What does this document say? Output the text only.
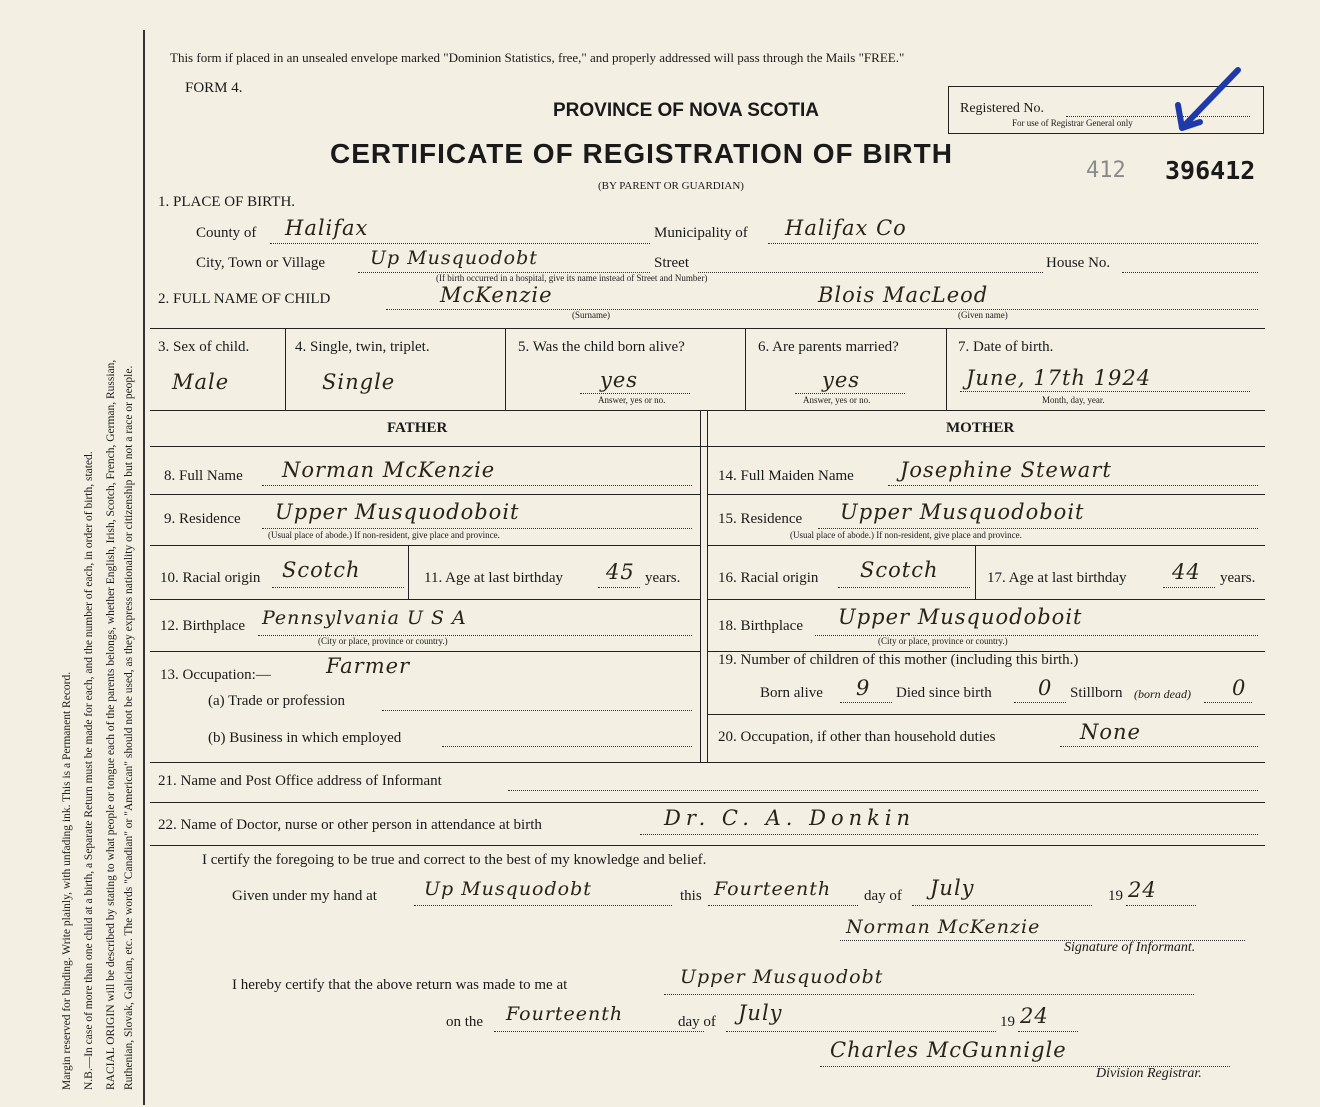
Margin reserved for binding. Write plainly, with unfading ink. This is a Permanent Record. N.B.—In case of more than one child at a birth, a Separate Return must be made for each, and the number of each, in order of birth, stated. RACIAL ORIGIN will be described by stating to what people or tongue each of the parents belongs, whether English, Irish, Scotch, French, German, Russian, Ruthenian, Slovak, Galician, etc. The words "Canadian" or "American" should not be used, as they express nationality or citizenship but not a race or people.
This form if placed in an unsealed envelope marked "Dominion Statistics, free," and properly addressed will pass through the Mails "FREE."
FORM 4.
PROVINCE OF NOVA SCOTIA
CERTIFICATE OF REGISTRATION OF BIRTH
(BY PARENT OR GUARDIAN)
Registered No.
For use of Registrar General only
412 396412
1. PLACE OF BIRTH.
County of Halifax	Municipality of Halifax Co
City, Town or Village Up Musquodobt	Street	House No.
(If birth occurred in a hospital, give its name instead of Street and Number)
2. FULL NAME OF CHILD	McKenzie
(Surname)
Blois MacLeod
(Given name)
3. Sex of child.
Male
4. Single, twin, triplet.
Single
5. Was the child born alive?
yes
Answer, yes or no.
6. Are parents married?
yes
Answer, yes or no.
7. Date of birth.
June, 17th 1924
Month, day, year.
FATHER	MOTHER
8. Full Name Norman McKenzie
9. Residence Upper Musquodoboit
(Usual place of abode.) If non-resident, give place and province.
10. Racial origin Scotch	11. Age at last birthday 45 years.
12. Birthplace Pennsylvania U S A
(City or place, province or country.)
13. Occupation:—	Farmer
(a) Trade or profession
(b) Business in which employed
14. Full Maiden Name Josephine Stewart
15. Residence Upper Musquodoboit
(Usual place of abode.) If non-resident, give place and province.
16. Racial origin Scotch	17. Age at last birthday 44 years.
18. Birthplace Upper Musquodoboit
(City or place, province or country.)
19. Number of children of this mother (including this birth.)
Born alive 9 Died since birth 0 Stillborn (born dead) 0
20. Occupation, if other than household duties	None
21. Name and Post Office address of Informant
22. Name of Doctor, nurse or other person in attendance at birth	Dr. C. A. Donkin
I certify the foregoing to be true and correct to the best of my knowledge and belief.
Given under my hand at Up Musquodobt	this Fourteenth day of July	19 24
Norman McKenzie
Signature of Informant.
I hereby certify that the above return was made to me at	Upper Musquodobt
on the Fourteenth	day of July	19 24
Charles McGunnigle
Division Registrar.
